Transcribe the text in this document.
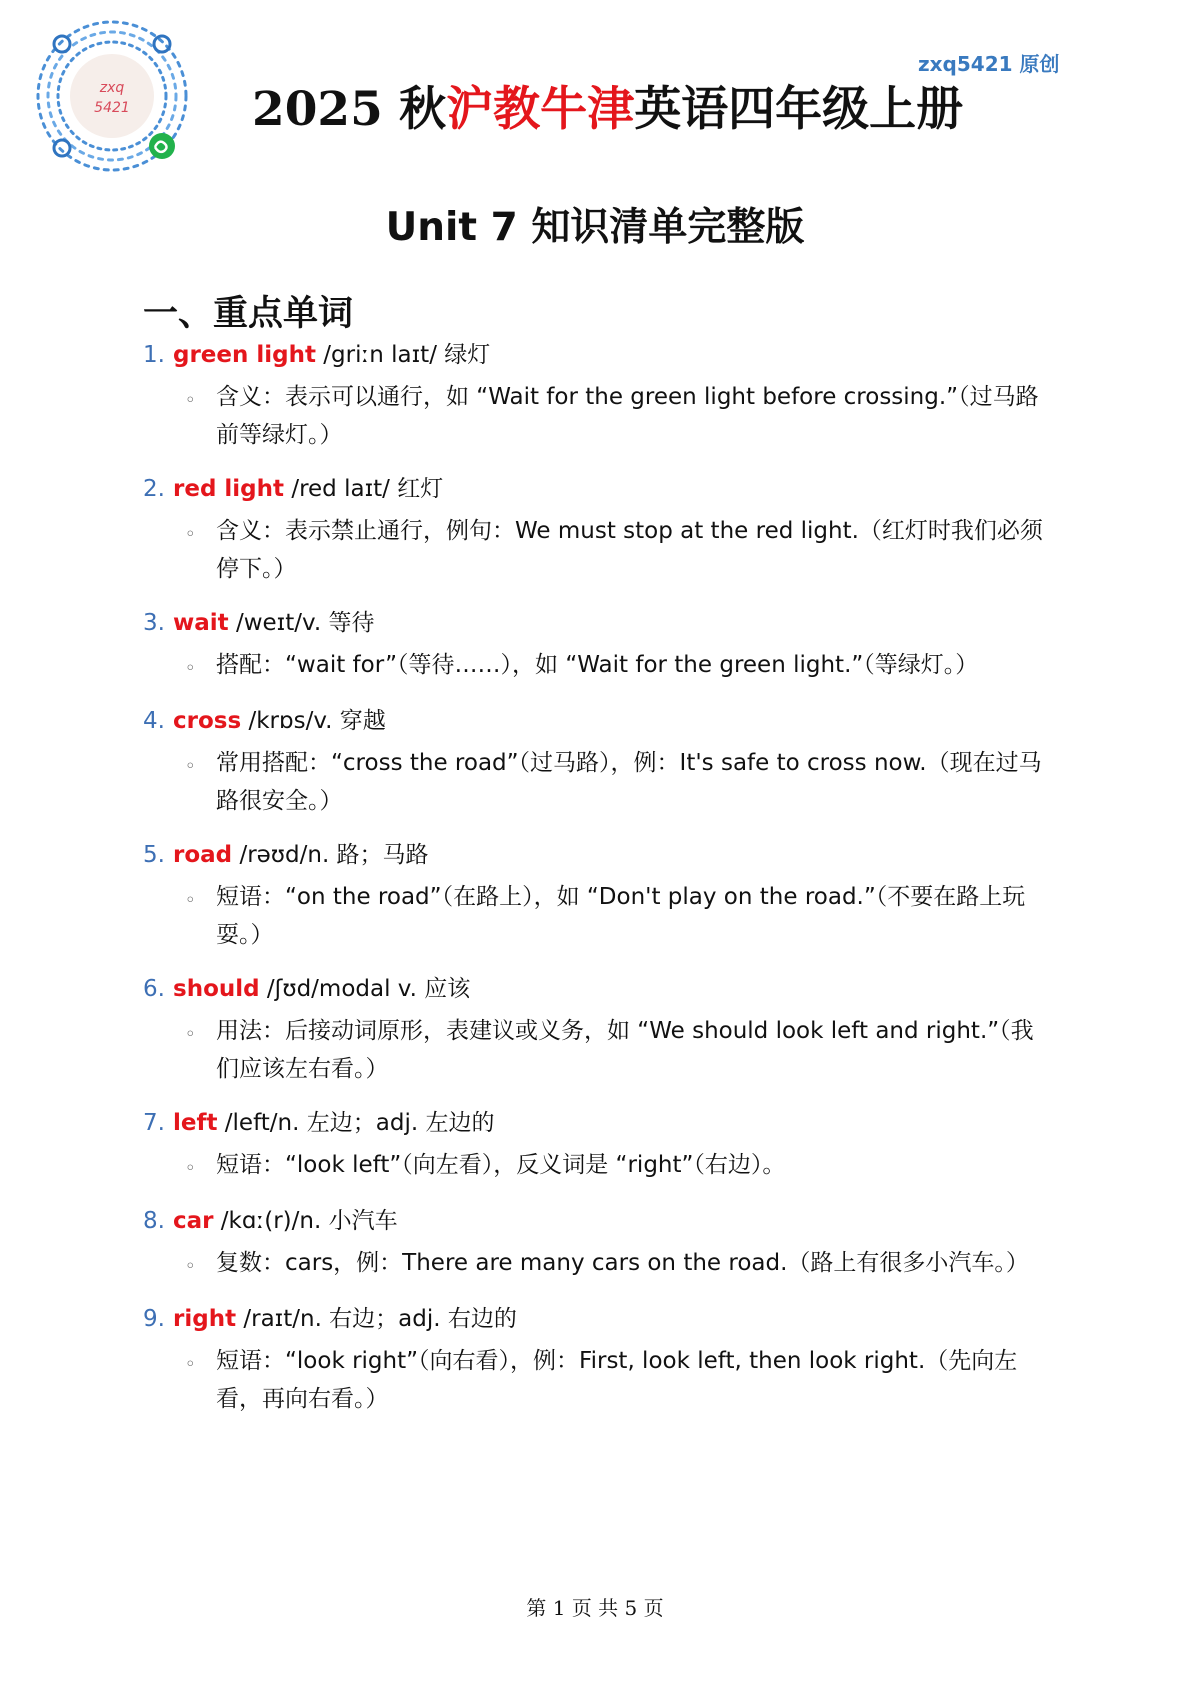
zxq
5421
zxq5421 原创
2025 秋沪教牛津英语四年级上册
Unit 7 知识清单完整版
一、重点单词
1. green light /griːn laɪt/ 绿灯
◦ 含义：表示可以通行，如 “Wait for the green light before crossing.”（过马路前等绿灯。）
2. red light /red laɪt/ 红灯
◦ 含义：表示禁止通行，例句：We must stop at the red light.（红灯时我们必须停下。）
3. wait /weɪt/v. 等待
◦ 搭配：“wait for”（等待……），如 “Wait for the green light.”（等绿灯。）
4. cross /krɒs/v. 穿越
◦ 常用搭配：“cross the road”（过马路），例：It's safe to cross now.（现在过马路很安全。）
5. road /rəʊd/n. 路；马路
◦ 短语：“on the road”（在路上），如 “Don't play on the road.”（不要在路上玩耍。）
6. should /ʃʊd/modal v. 应该
◦ 用法：后接动词原形，表建议或义务，如 “We should look left and right.”（我们应该左右看。）
7. left /left/n. 左边；adj. 左边的
◦ 短语：“look left”（向左看），反义词是 “right”（右边）。
8. car /kɑː(r)/n. 小汽车
◦ 复数：cars，例：There are many cars on the road.（路上有很多小汽车。）
9. right /raɪt/n. 右边；adj. 右边的
◦ 短语：“look right”（向右看），例：First, look left, then look right.（先向左看，再向右看。）
第 1 页 共 5 页
